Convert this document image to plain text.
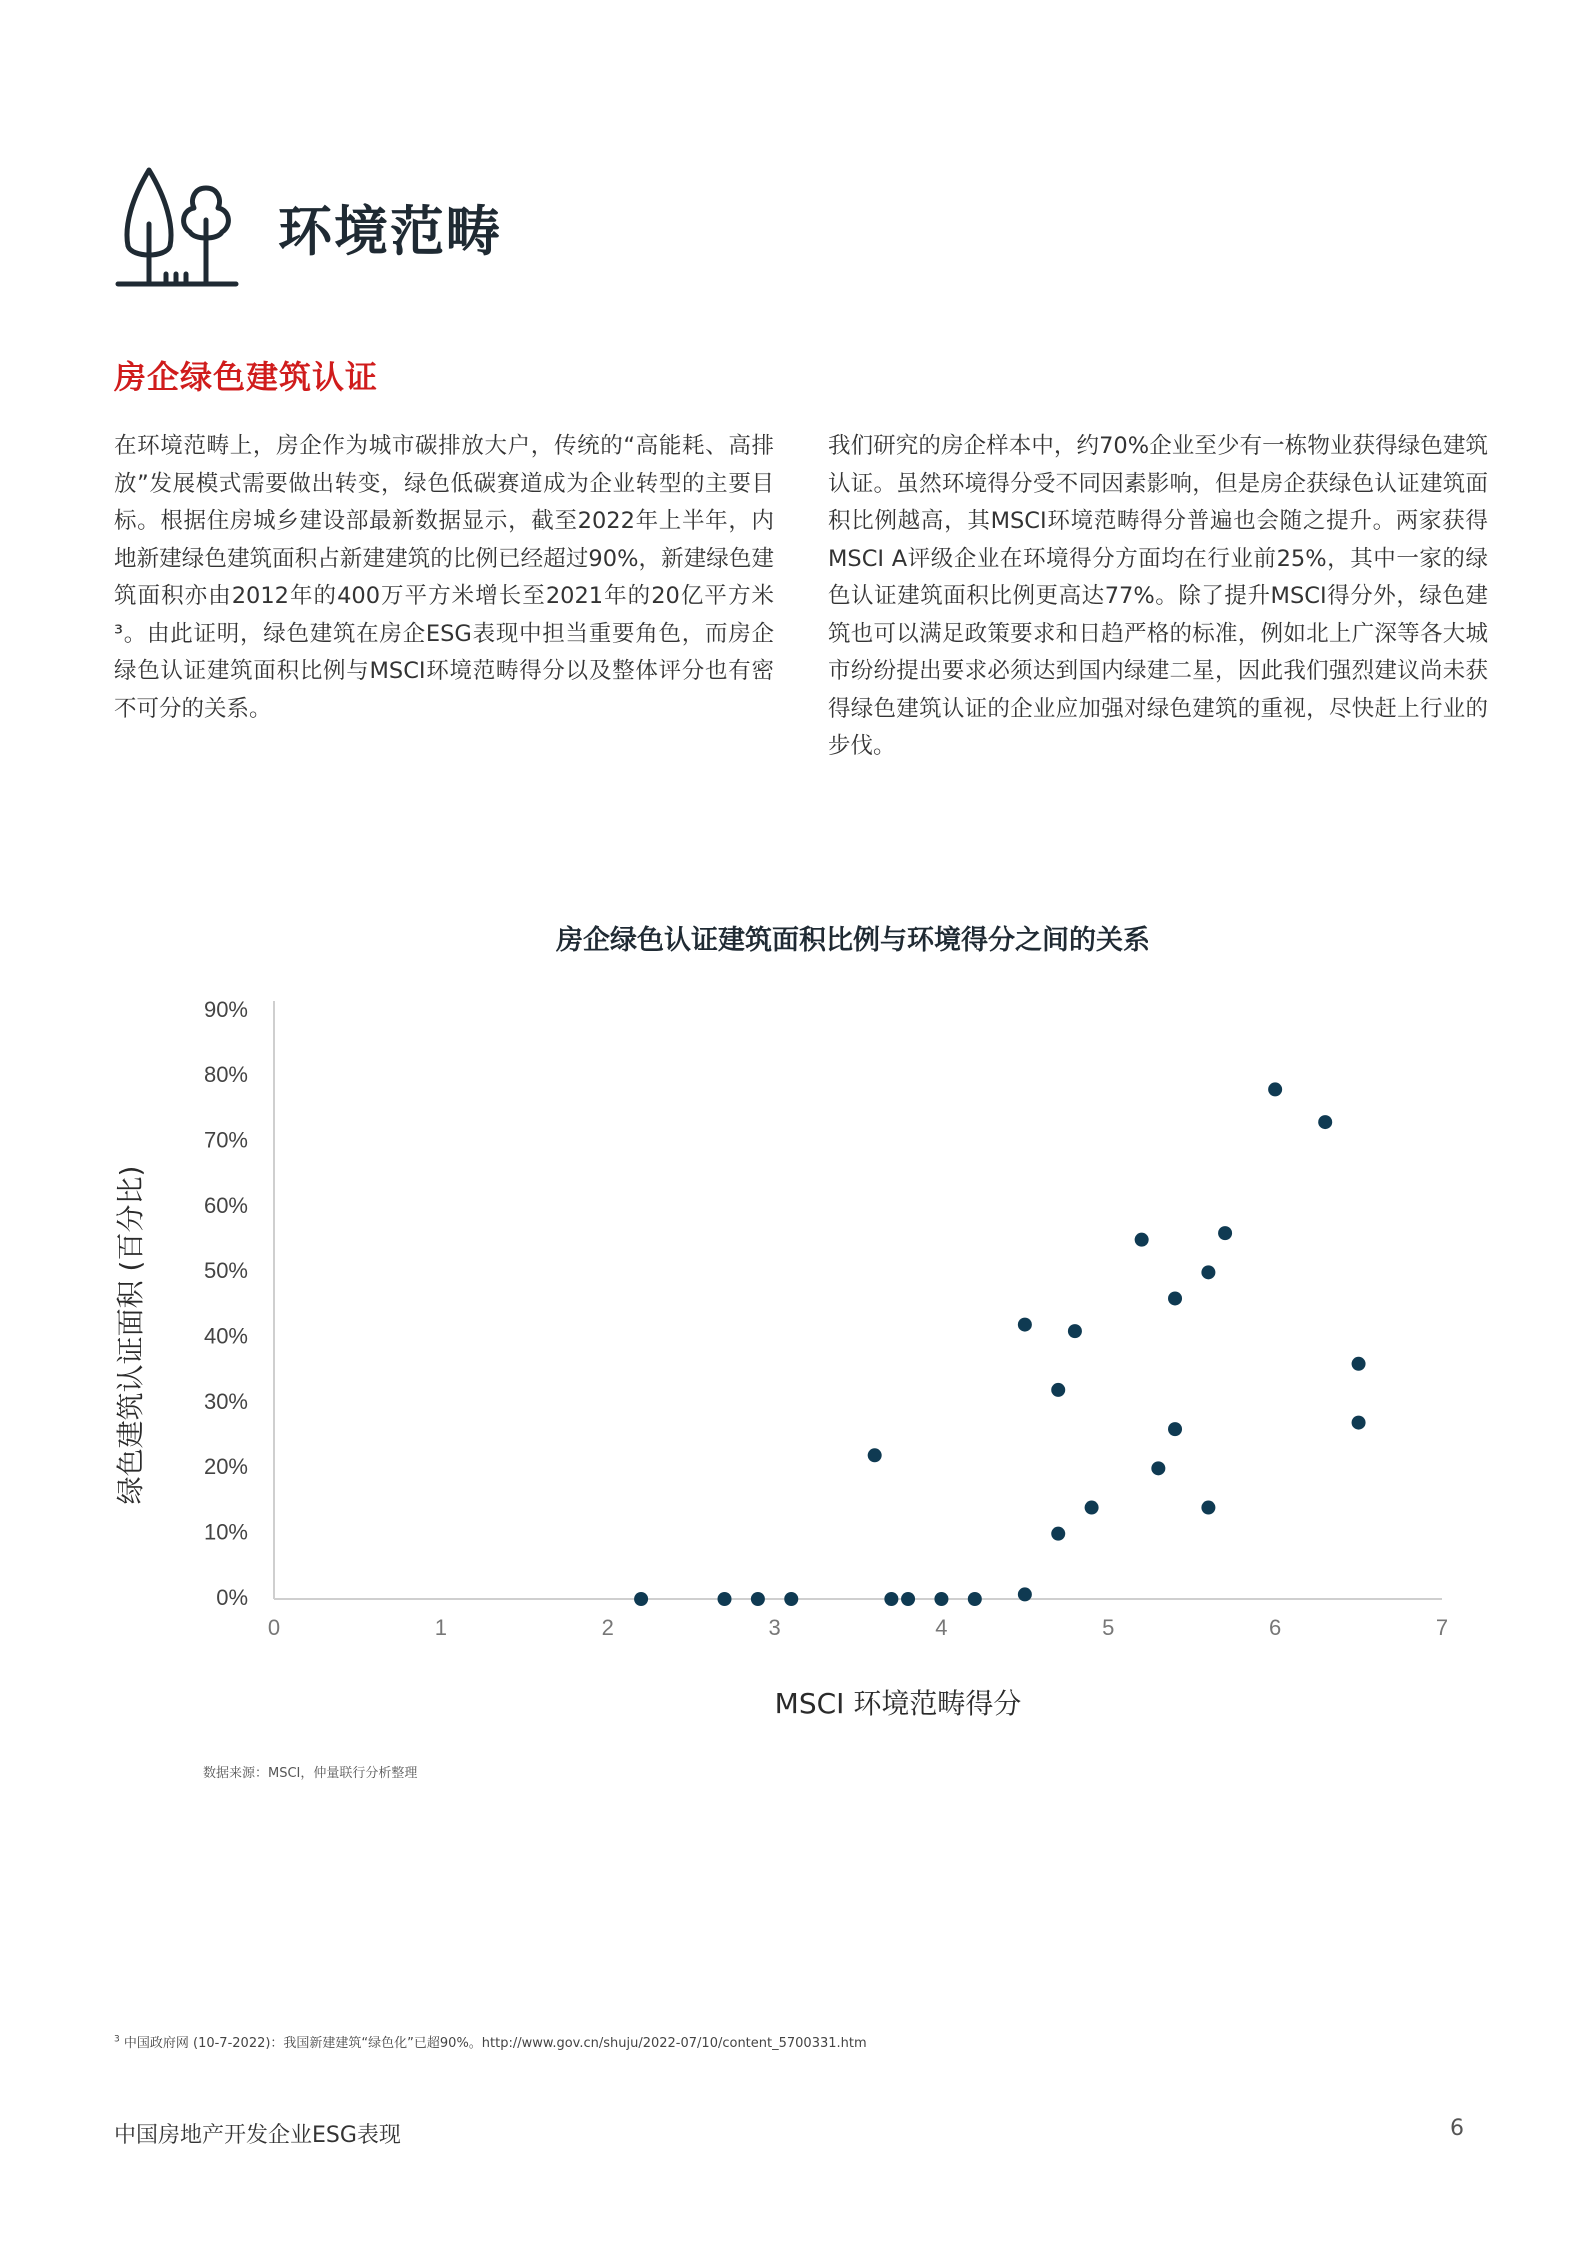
环境范畴
房企绿色建筑认证

在环境范畴上，房企作为城市碳排放大户，传统的“高能耗、高排放”发展模式需要做出转变，绿色低碳赛道成为企业转型的主要目标。根据住房城乡建设部最新数据显示，截至2022年上半年，内地新建绿色建筑面积占新建建筑的比例已经超过90%，新建绿色建筑面积亦由2012年的400万平方米增长至2021年的20亿平方米³。由此证明，绿色建筑在房企ESG表现中担当重要角色，而房企绿色认证建筑面积比例与MSCI环境范畴得分以及整体评分也有密不可分的关系。

我们研究的房企样本中，约70%企业至少有一栋物业获得绿色建筑认证。虽然环境得分受不同因素影响，但是房企获绿色认证建筑面积比例越高，其MSCI环境范畴得分普遍也会随之提升。两家获得MSCI A评级企业在环境得分方面均在行业前25%，其中一家的绿色认证建筑面积比例更高达77%。除了提升MSCI得分外，绿色建筑也可以满足政策要求和日趋严格的标准，例如北上广深等各大城市纷纷提出要求必须达到国内绿建二星，因此我们强烈建议尚未获得绿色建筑认证的企业应加强对绿色建筑的重视，尽快赶上行业的步伐。

房企绿色认证建筑面积比例与环境得分之间的关系
0%
10%
20%
30%
40%
50%
60%
70%
80%
90%
0	1	2	3	4	5	6	7
MSCI 环境范畴得分
绿色建筑认证面积 (百分比)
数据来源：MSCI，仲量联行分析整理
$^3$ 中国政府网 (10-7-2022)：我国新建建筑“绿色化”已超90%。http://www.gov.cn/shuju/2022-07/10/content_5700331.htm
中国房地产开发企业ESG表现	6
